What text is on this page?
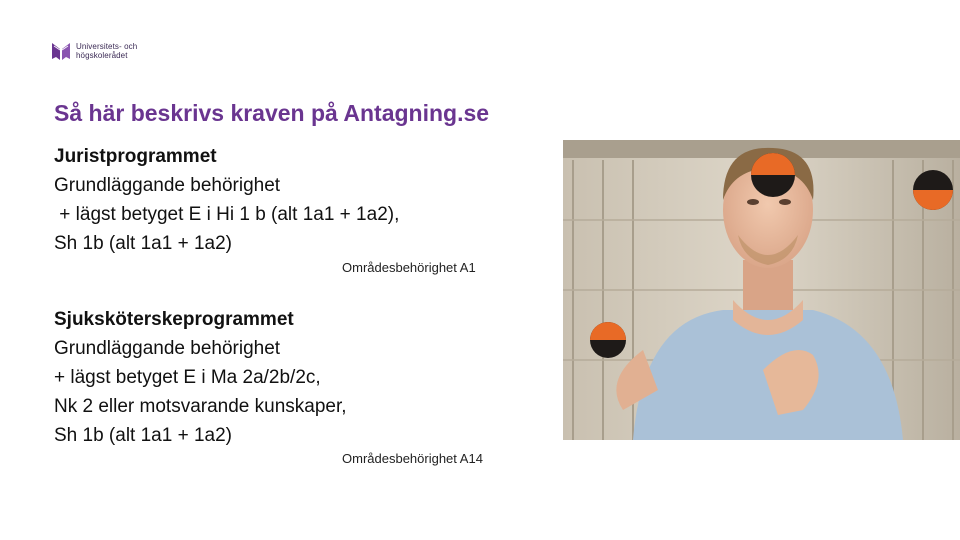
Universitets- och
högskolerådet
Så här beskrivs kraven på Antagning.se
Juristprogrammet
Grundläggande behörighet
+ lägst betyget E i Hi 1 b (alt 1a1 + 1a2),
Sh 1b (alt 1a1 + 1a2)
Områdesbehörighet A1
Sjuksköterskeprogrammet
Grundläggande behörighet
+ lägst betyget E i Ma 2a/2b/2c,
Nk 2 eller motsvarande kunskaper,
Sh 1b (alt 1a1 + 1a2)
Områdesbehörighet A14
